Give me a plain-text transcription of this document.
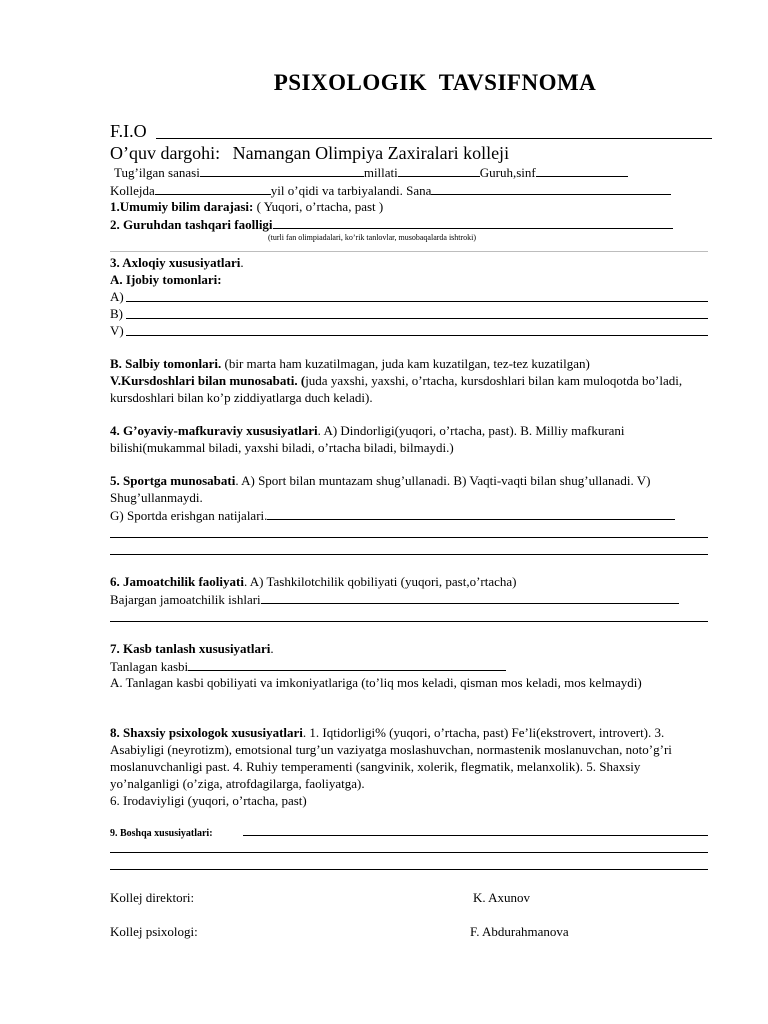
PSIXOLOGIK TAVSIFNOMA
F.I.O
O’quv dargohi: Namangan Olimpiya Zaxiralari kolleji
Tug’ilgan sanasi	millati	Guruh,sinf
Kollejda	yil o’qidi va tarbiyalandi. Sana
1.Umumiy bilim darajasi: ( Yuqori, o’rtacha, past )
2. Guruhdan tashqari faolligi
(turli fan olimpiadalari, ko’rik tanlovlar, musobaqalarda ishtroki)
3. Axloqiy xususiyatlari.
A. Ijobiy tomonlari:
A)
B)
V)
B. Salbiy tomonlari. (bir marta ham kuzatilmagan, juda kam kuzatilgan, tez-tez kuzatilgan)
V.Kursdoshlari bilan munosabati. (juda yaxshi, yaxshi, o’rtacha, kursdoshlari bilan kam muloqotda bo’ladi, kursdoshlari bilan ko’p ziddiyatlarga duch keladi).
4. G’oyaviy-mafkuraviy xususiyatlari. A) Dindorligi(yuqori, o’rtacha, past). B. Milliy mafkurani bilishi(mukammal biladi, yaxshi biladi, o’rtacha biladi, bilmaydi.)
5. Sportga munosabati. A) Sport bilan muntazam shug’ullanadi. B) Vaqti-vaqti bilan shug’ullanadi. V) Shug’ullanmaydi.
G) Sportda erishgan natijalari.
6. Jamoatchilik faoliyati. A) Tashkilotchilik qobiliyati (yuqori, past,o’rtacha)
Bajargan jamoatchilik ishlari
7. Kasb tanlash xususiyatlari.
Tanlagan kasbi
A. Tanlagan kasbi qobiliyati va imkoniyatlariga (to’liq mos keladi, qisman mos keladi, mos kelmaydi)
8. Shaxsiy psixologok xususiyatlari. 1. Iqtidorligi% (yuqori, o’rtacha, past) Fe’li(ekstrovert, introvert). 3. Asabiyligi (neyrotizm), emotsional turg’un vaziyatga moslashuvchan, normastenik moslanuvchan, noto’g’ri moslanuvchanligi past. 4. Ruhiy temperamenti (sangvinik, xolerik, flegmatik, melanxolik). 5. Shaxsiy yo’nalganligi (o’ziga, atrofdagilarga, faoliyatga).
6. Irodaviyligi (yuqori, o’rtacha, past)
9. Boshqa xususiyatlari:
Kollej direktori:	K. Axunov
Kollej psixologi:	F. Abdurahmanova
